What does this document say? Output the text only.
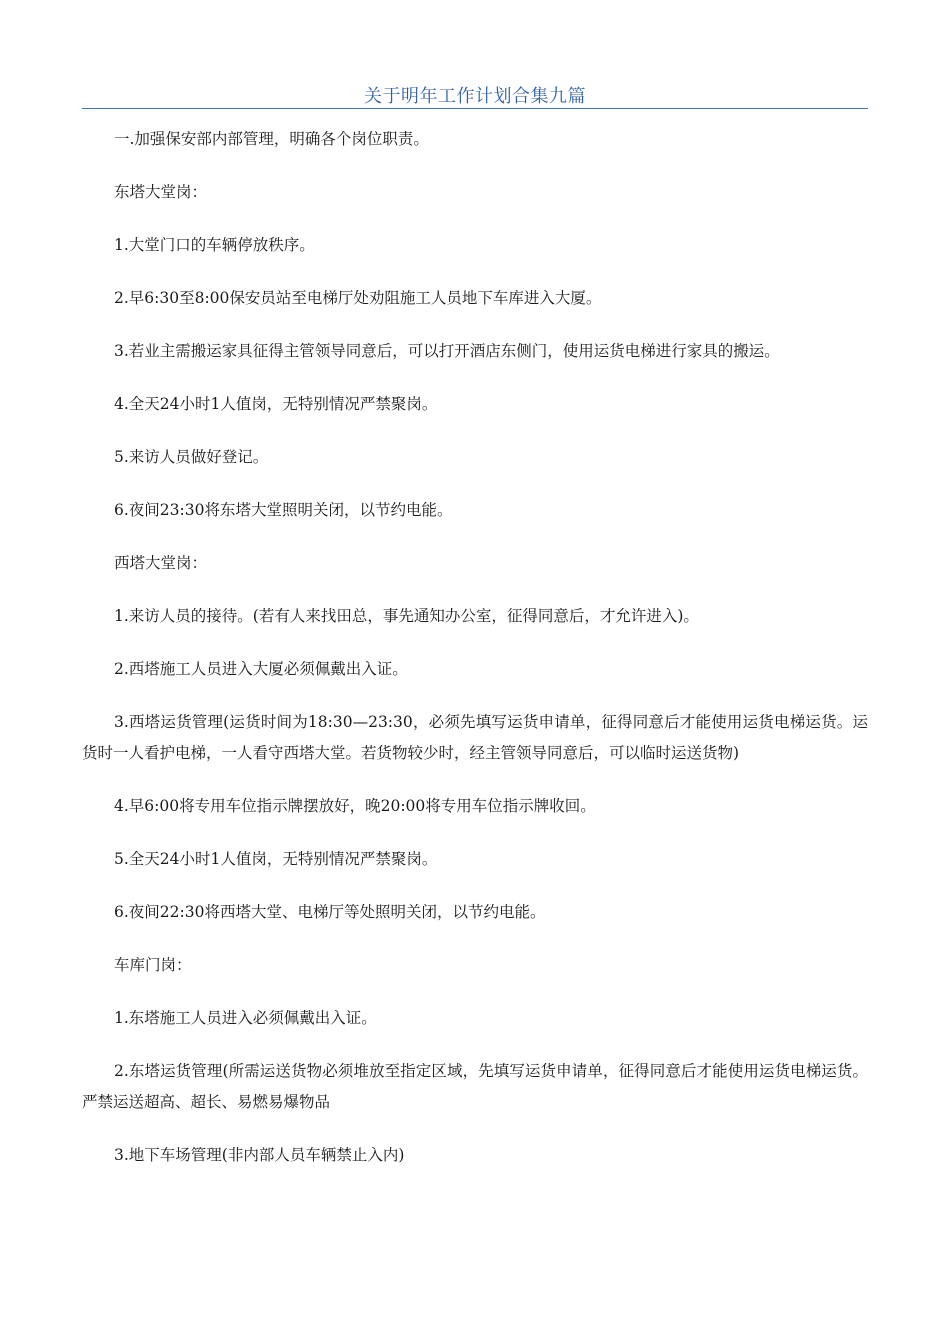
关于明年工作计划合集九篇

一.加强保安部内部管理，明确各个岗位职责。

东塔大堂岗：

1.大堂门口的车辆停放秩序。

2.早6:30至8:00保安员站至电梯厅处劝阻施工人员地下车库进入大厦。

3.若业主需搬运家具征得主管领导同意后，可以打开酒店东侧门，使用运货电梯进行家具的搬运。

4.全天24小时1人值岗，无特别情况严禁聚岗。

5.来访人员做好登记。

6.夜间23:30将东塔大堂照明关闭，以节约电能。

西塔大堂岗：

1.来访人员的接待。(若有人来找田总，事先通知办公室，征得同意后，才允许进入)。

2.西塔施工人员进入大厦必须佩戴出入证。

3.西塔运货管理(运货时间为18:30—23:30，必须先填写运货申请单，征得同意后才能使用运货电梯运货。运货时一人看护电梯，一人看守西塔大堂。若货物较少时，经主管领导同意后，可以临时运送货物)

4.早6:00将专用车位指示牌摆放好，晚20:00将专用车位指示牌收回。

5.全天24小时1人值岗，无特别情况严禁聚岗。

6.夜间22:30将西塔大堂、电梯厅等处照明关闭，以节约电能。

车库门岗：

1.东塔施工人员进入必须佩戴出入证。

2.东塔运货管理(所需运送货物必须堆放至指定区域，先填写运货申请单，征得同意后才能使用运货电梯运货。严禁运送超高、超长、易燃易爆物品

3.地下车场管理(非内部人员车辆禁止入内)
